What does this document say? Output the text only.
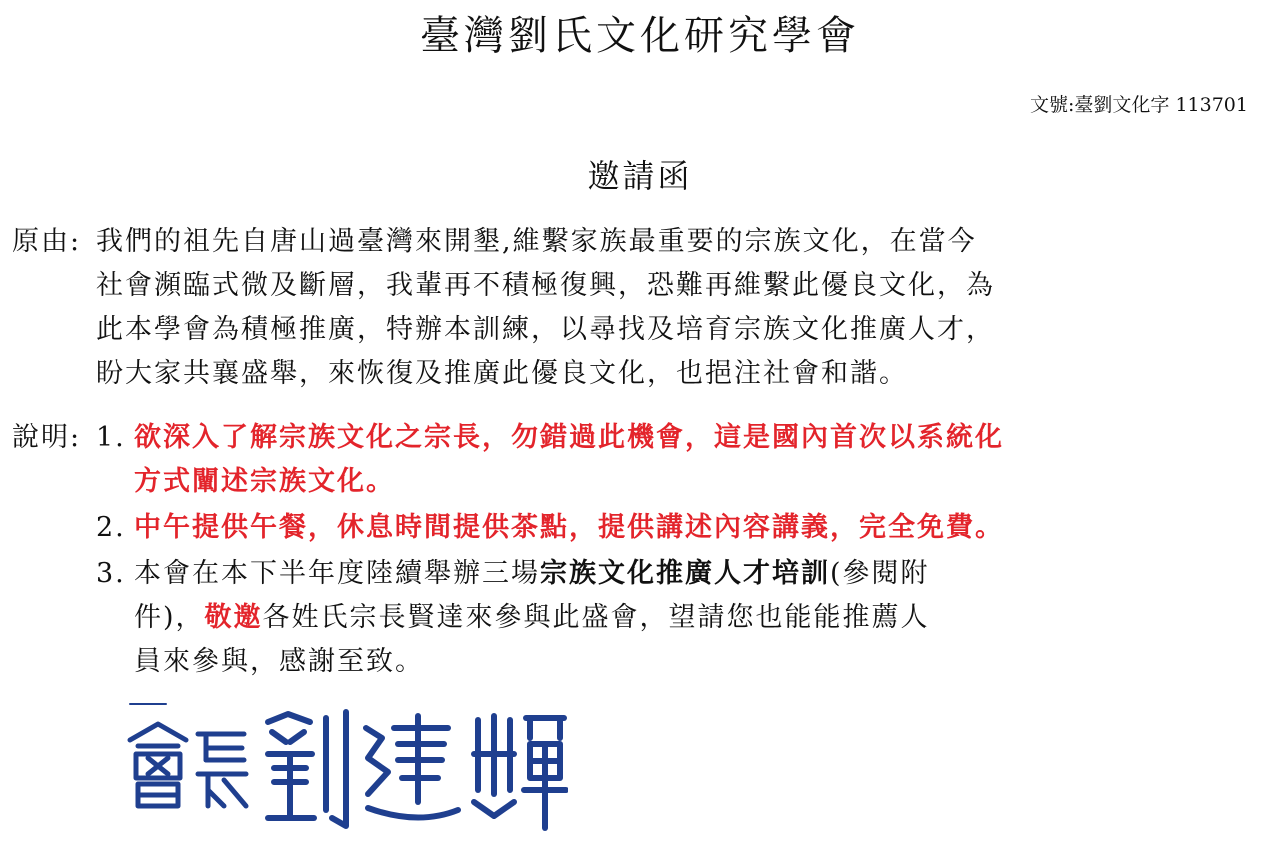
臺灣劉氏文化研究學會
文號:臺劉文化字 113701
邀請函
原由: 我們的祖先自唐山過臺灣來開墾,維繫家族最重要的宗族文化，在當今
社會瀕臨式微及斷層，我輩再不積極復興，恐難再維繫此優良文化，為
此本學會為積極推廣，特辦本訓練，以尋找及培育宗族文化推廣人才，
盼大家共襄盛舉，來恢復及推廣此優良文化，也挹注社會和諧。
說明: 1. 欲深入了解宗族文化之宗長，勿錯過此機會，這是國內首次以系統化
方式闡述宗族文化。
2. 中午提供午餐，休息時間提供茶點，提供講述內容講義，完全免費。
3. 本會在本下半年度陸續舉辦三場宗族文化推廣人才培訓(參閱附
件)，敬邀各姓氏宗長賢達來參與此盛會，望請您也能能推薦人
員來參與，感謝至致。
